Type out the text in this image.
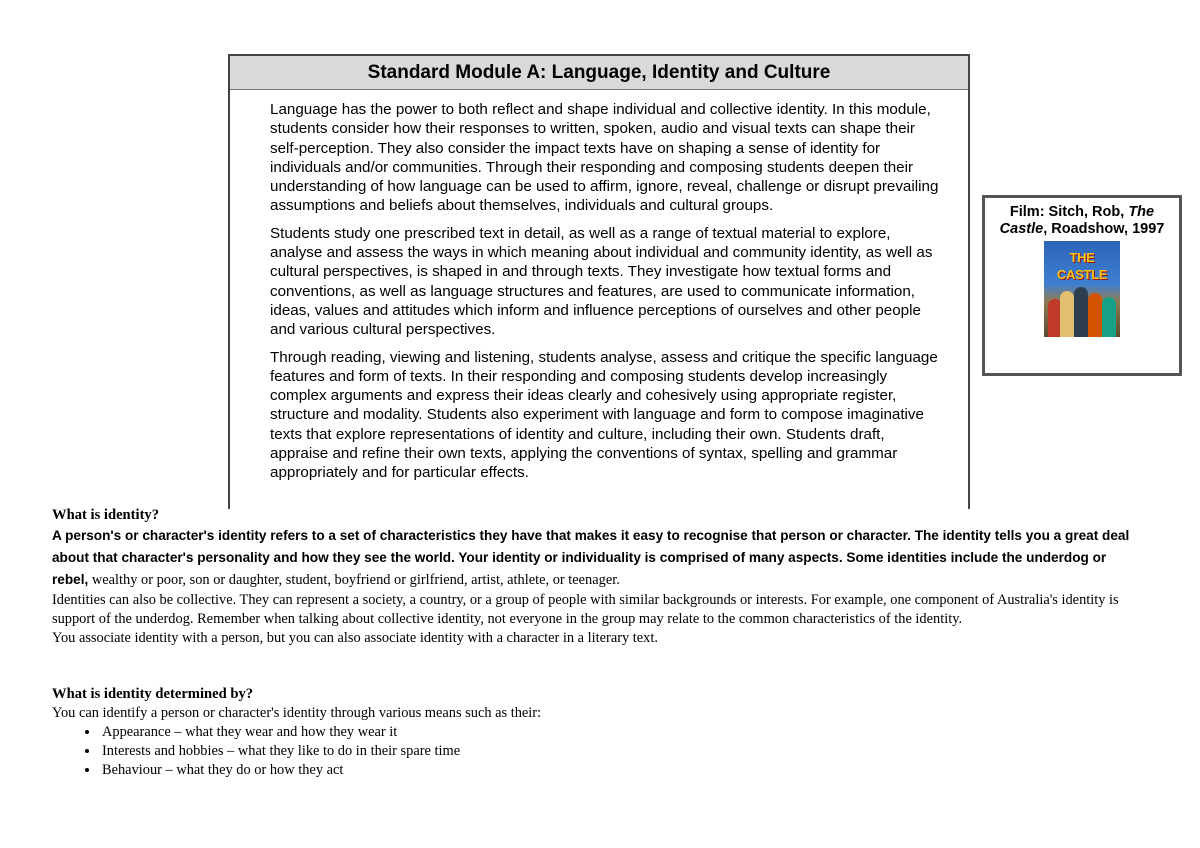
Standard Module A: Language, Identity and Culture

Language has the power to both reflect and shape individual and collective identity. In this module, students consider how their responses to written, spoken, audio and visual texts can shape their self-perception. They also consider the impact texts have on shaping a sense of identity for individuals and/or communities. Through their responding and composing students deepen their understanding of how language can be used to affirm, ignore, reveal, challenge or disrupt prevailing assumptions and beliefs about themselves, individuals and cultural groups.

Students study one prescribed text in detail, as well as a range of textual material to explore, analyse and assess the ways in which meaning about individual and community identity, as well as cultural perspectives, is shaped in and through texts. They investigate how textual forms and conventions, as well as language structures and features, are used to communicate information, ideas, values and attitudes which inform and influence perceptions of ourselves and other people and various cultural perspectives.

Through reading, viewing and listening, students analyse, assess and critique the specific language features and form of texts. In their responding and composing students develop increasingly complex arguments and express their ideas clearly and cohesively using appropriate register, structure and modality. Students also experiment with language and form to compose imaginative texts that explore representations of identity and culture, including their own. Students draft, appraise and refine their own texts, applying the conventions of syntax, spelling and grammar appropriately and for particular effects.

Film: Sitch, Rob, The Castle, Roadshow, 1997
THE CASTLE
What is identity?
A person's or character's identity refers to a set of characteristics they have that makes it easy to recognise that person or character. The identity tells you a great deal about that character's personality and how they see the world. Your identity or individuality is comprised of many aspects. Some identities include the underdog or rebel, wealthy or poor, son or daughter, student, boyfriend or girlfriend, artist, athlete, or teenager.
Identities can also be collective. They can represent a society, a country, or a group of people with similar backgrounds or interests. For example, one component of Australia's identity is support of the underdog. Remember when talking about collective identity, not everyone in the group may relate to the common characteristics of the identity.
You associate identity with a person, but you can also associate identity with a character in a literary text.
What is identity determined by?
You can identify a person or character's identity through various means such as their:
• Appearance – what they wear and how they wear it
• Interests and hobbies – what they like to do in their spare time
• Behaviour – what they do or how they act
